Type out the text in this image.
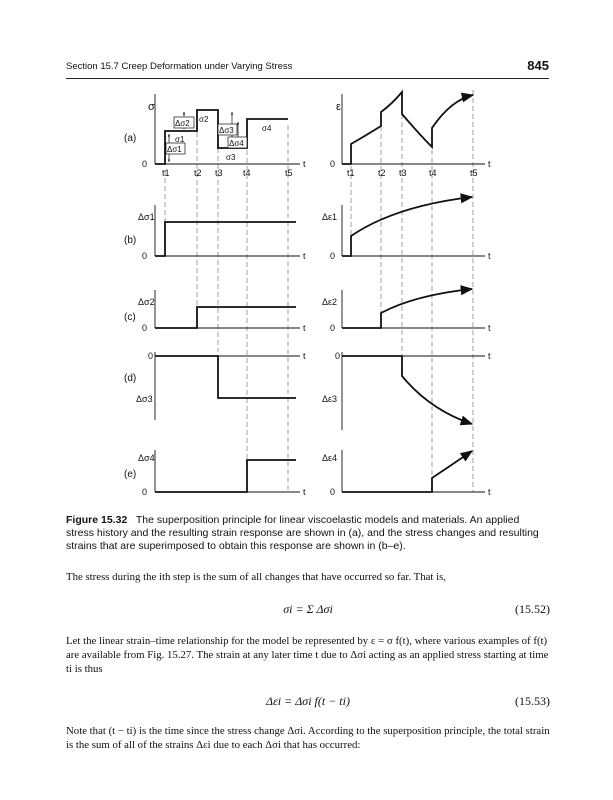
Section 15.7 Creep Deformation under Varying Stress	845
(a)
σ	ε
0	t
t1	t2 t3 t4	t5
Δσ1
Δσ2
Δσ3
Δσ4
σ1
σ2
σ3
σ4
0	t
t1	t2 t3 t4	t5
(b)
0	t
Δσ1
0	t
Δε1
(c)
0	t
Δσ2
0	t
Δε2
(d)
0	t
Δσ3
0	t
Δε3
(e)
0	t
Δσ4
0	t
Δε4
Figure 15.32 The superposition principle for linear viscoelastic models and materials. An applied stress history and the resulting strain response are shown in (a), and the stress changes and resulting strains that are superimposed to obtain this response are shown in (b–e).
The stress during the ith step is the sum of all changes that have occurred so far. That is,
σi = Σ Δσi	(15.52)
Let the linear strain–time relationship for the model be represented by ε = σ f(t), where various examples of f(t) are available from Fig. 15.27. The strain at any later time t due to Δσi acting as an applied stress starting at time ti is thus
Δεi = Δσi f(t − ti)	(15.53)
Note that (t − ti) is the time since the stress change Δσi. According to the superposition principle, the total strain is the sum of all of the strains Δεi due to each Δσi that has occurred:
